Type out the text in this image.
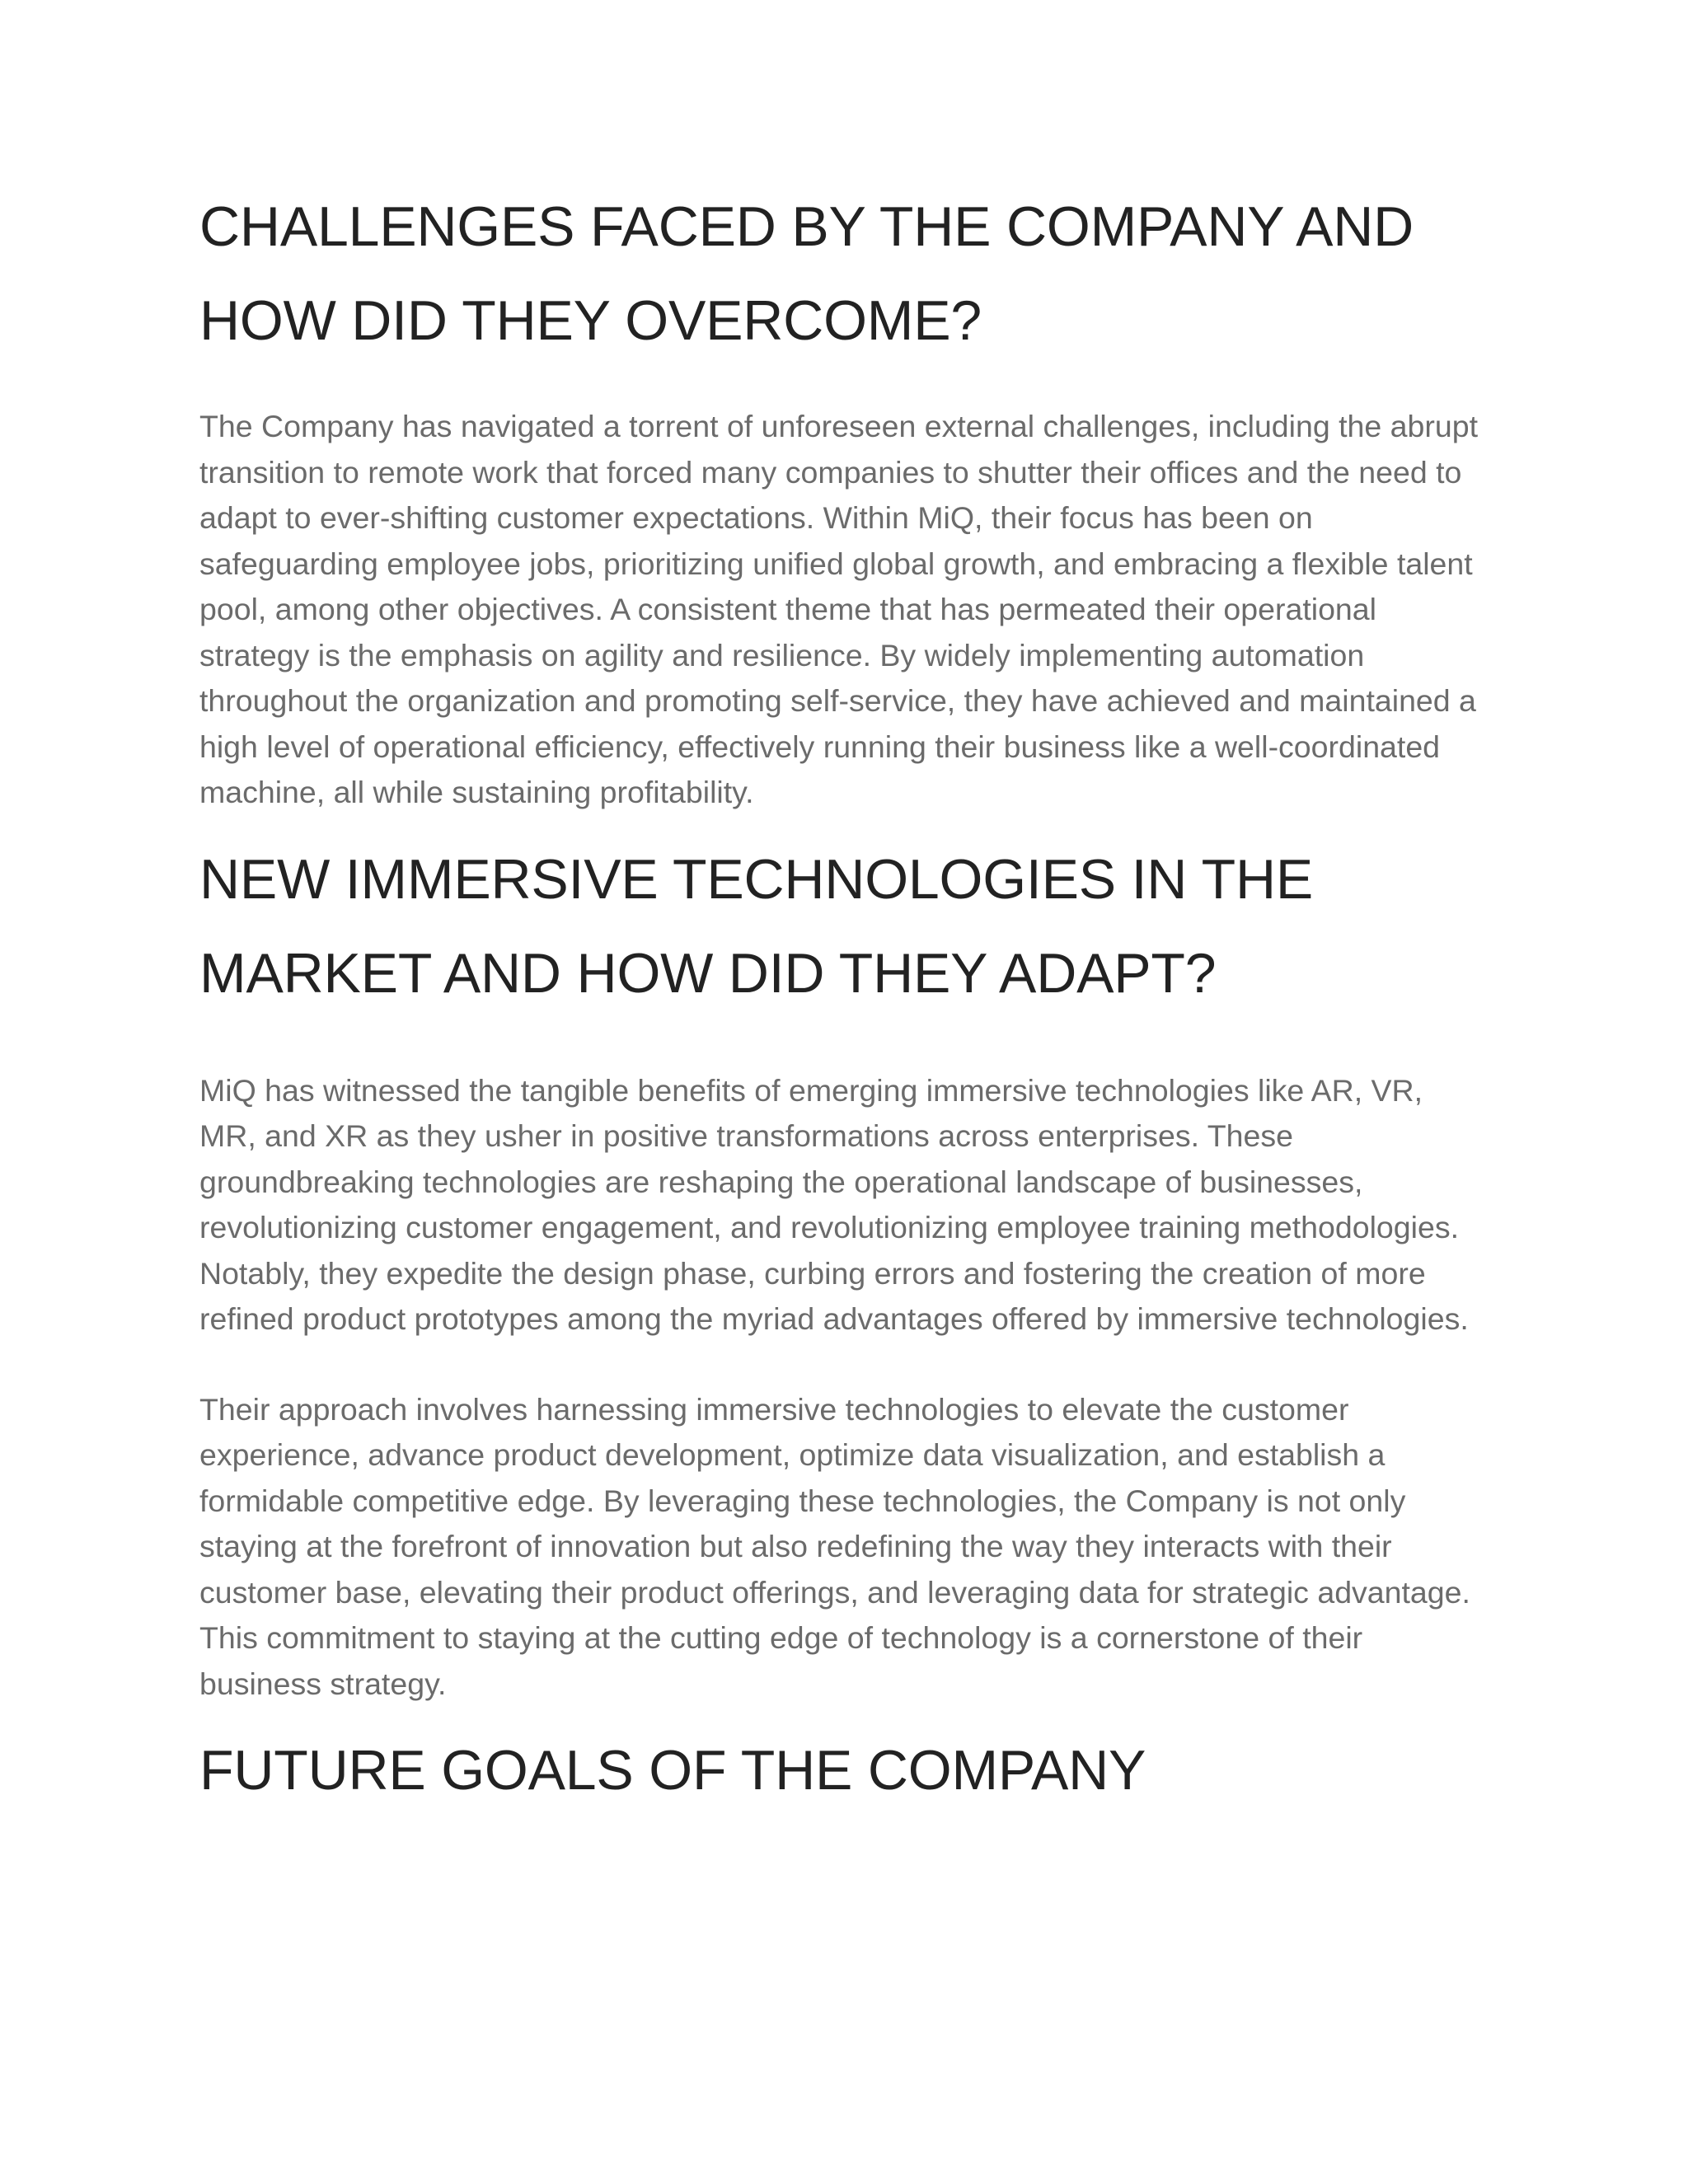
CHALLENGES FACED BY THE COMPANY AND HOW DID THEY OVERCOME?

The Company has navigated a torrent of unforeseen external challenges, including the abrupt transition to remote work that forced many companies to shutter their offices and the need to adapt to ever-shifting customer expectations. Within MiQ, their focus has been on safeguarding employee jobs, prioritizing unified global growth, and embracing a flexible talent pool, among other objectives. A consistent theme that has permeated their operational strategy is the emphasis on agility and resilience. By widely implementing automation throughout the organization and promoting self-service, they have achieved and maintained a high level of operational efficiency, effectively running their business like a well-coordinated machine, all while sustaining profitability.

NEW IMMERSIVE TECHNOLOGIES IN THE MARKET AND HOW DID THEY ADAPT?

MiQ has witnessed the tangible benefits of emerging immersive technologies like AR, VR, MR, and XR as they usher in positive transformations across enterprises. These groundbreaking technologies are reshaping the operational landscape of businesses, revolutionizing customer engagement, and revolutionizing employee training methodologies. Notably, they expedite the design phase, curbing errors and fostering the creation of more refined product prototypes among the myriad advantages offered by immersive technologies.

Their approach involves harnessing immersive technologies to elevate the customer experience, advance product development, optimize data visualization, and establish a formidable competitive edge. By leveraging these technologies, the Company is not only staying at the forefront of innovation but also redefining the way they interacts with their customer base, elevating their product offerings, and leveraging data for strategic advantage. This commitment to staying at the cutting edge of technology is a cornerstone of their business strategy.

FUTURE GOALS OF THE COMPANY
